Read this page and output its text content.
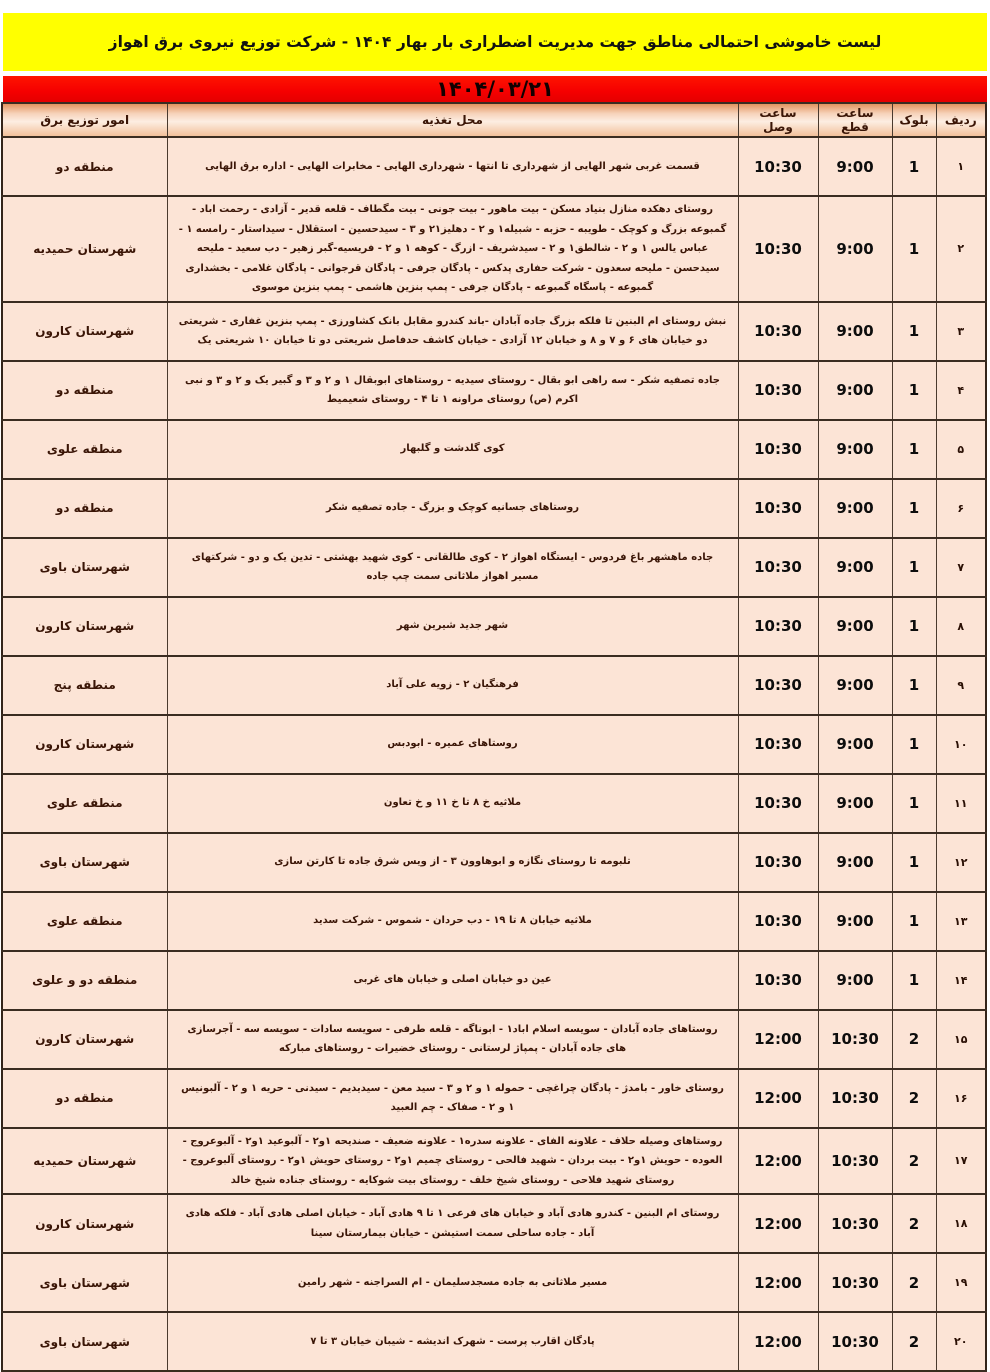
لیست خاموشی احتمالی مناطق جهت مدیریت اضطراری بار بهار ۱۴۰۴ - شرکت توزیع نیروی برق اهواز
۱۴۰۴/۰۳/۲۱
ردیف	بلوک	ساعت قطع	ساعت وصل	محل تغذیه	امور توزیع برق
۱	1	9:00	10:30	قسمت غربی شهر الهایی از شهرداری تا انتها - شهرداری الهایی - مخابرات الهایی - اداره برق الهایی	منطقه دو
۲	1	9:00	10:30	روستای دهکده منازل بنیاد مسکن - بیت ماهور - بیت جونی - بیت مگطاف - قلعه قدیر - آزادی - رحمت اباد - گمبوعه بزرگ و کوچک - طویبه - حزبه - شبیله۱ و ۲ - دهلیز۲۱ و ۳ - سیدحسین - استقلال - سیداستار - رامسه ۱ - عباس یالس ۱ و ۲ - شالطق۱ و ۲ - سیدشریف - ازرگ - کوهه ۱ و ۲ - فریسیه-گبر زهیر - دب سعید - ملیحه سیدحسن - ملیحه سعدون - شرکت حفاری پدکس - پادگان جرفی - پادگان قرجوانی - پادگان غلامی - بخشداری گمبوعه - پاسگاه گمبوعه - پادگان جرفی - پمپ بنزین هاشمی - پمپ بنزین موسوی	شهرستان حمیدیه
۳	1	9:00	10:30	نبش روستای ام البنین تا فلکه بزرگ جاده آبادان -باند کندرو مقابل بانک کشاورزی - پمپ بنزین غفاری - شریعتی دو خیابان های ۶ و ۷ و ۸ و خیابان ۱۲ آزادی - خیابان کاشف حدفاصل شریعتی دو تا خیابان ۱۰ شریعتی یک	شهرستان کارون
۴	1	9:00	10:30	جاده تصفیه شکر - سه راهی ابو بقال - روستای سیدیه - روستاهای ابوبقال ۱ و ۲ و ۳ و گبیر یک و ۲ و ۳ و نبی اکرم (ص) روستای مراونه ۱ تا ۴ - روستای شعیمیط	منطقه دو
۵	1	9:00	10:30	کوی گلدشت و گلبهار	منطقه علوی
۶	1	9:00	10:30	روستاهای جسانیه کوچک و بزرگ - جاده تصفیه شکر	منطقه دو
۷	1	9:00	10:30	جاده ماهشهر باغ فردوس - ایستگاه اهواز ۲ - کوی طالقانی - کوی شهید بهشتی - تدین یک و دو - شرکتهای مسیر اهواز ملاثانی سمت چپ جاده	شهرستان باوی
۸	1	9:00	10:30	شهر جدید شیرین شهر	شهرستان کارون
۹	1	9:00	10:30	فرهنگیان ۲ - زویه علی آباد	منطقه پنج
۱۰	1	9:00	10:30	روستاهای عمیره - ابودبس	شهرستان کارون
۱۱	1	9:00	10:30	ملاثیه خ ۸ تا خ ۱۱ و خ تعاون	منطقه علوی
۱۲	1	9:00	10:30	تلبومه تا روستای نگازه و ابوهاوون ۳ - از ویس شرق جاده تا کارتن سازی	شهرستان باوی
۱۳	1	9:00	10:30	ملاثیه خیابان ۸ تا ۱۹ - دب حردان - شموس - شرکت سدید	منطقه علوی
۱۴	1	9:00	10:30	عین دو خیابان اصلی و خیابان های غربی	منطقه دو و علوی
۱۵	2	10:30	12:00	روستاهای جاده آبادان - سویسه اسلام اباد۱ - ابوناگه - قلعه طرفی - سویسه سادات - سویسه سه - آجرسازی های جاده آبادان - پمپاژ لرستانی - روستای خضیرات - روستاهای مبارکه	شهرستان کارون
۱۶	2	10:30	12:00	روستای خاور - بامدژ - پادگان چراغچی - حموله ۱ و ۲ و ۳ - سید معن - سیدیدیم - سیدنی - حریه ۱ و ۲ - آلبونیس ۱ و ۲ - صفاک - چم العبید	منطقه دو
۱۷	2	10:30	12:00	روستاهای وصیله حلاف - علاونه الفای - علاونه سدره۱ - علاونه ضعیف - صندیحه ۱و۲ - آلبوعید ۱و۲ - آلبوعروج - العوده - حویش ۱و۲ - بیت بردان - شهید فالحی - روستای چمیم ۱و۲ - روستای حویش ۱و۲ - روستای آلبوعروج - روستای شهید فلاحی - روستای شیخ خلف - روستای بیت شوکایه - روستای جناده شیخ خالد	شهرستان حمیدیه
۱۸	2	10:30	12:00	روستای ام البنین - کندرو هادی آباد و خیابان های فرعی ۱ تا ۹ هادی آباد - خیابان اصلی هادی آباد - فلکه هادی آباد - جاده ساحلی سمت استیشن - خیابان بیمارستان سینا	شهرستان کارون
۱۹	2	10:30	12:00	مسیر ملاثانی به جاده مسجدسلیمان - ام السراجنه - شهر رامین	شهرستان باوی
۲۰	2	10:30	12:00	پادگان اقارب پرست - شهرک اندیشه - شیبان خیابان ۳ تا ۷	شهرستان باوی
